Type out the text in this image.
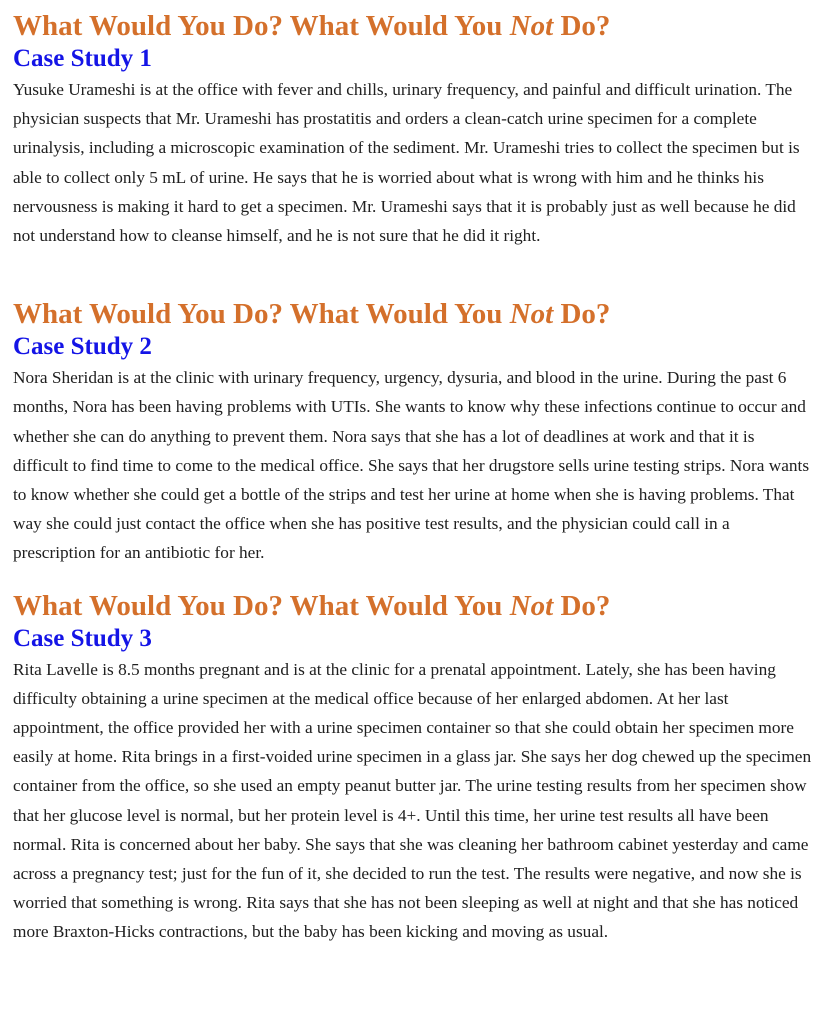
What Would You Do? What Would You Not Do?
Case Study 1

Yusuke Urameshi is at the office with fever and chills, urinary frequency, and painful and difficult urination. The physician suspects that Mr. Urameshi has prostatitis and orders a clean-catch urine specimen for a complete urinalysis, including a microscopic examination of the sediment. Mr. Urameshi tries to collect the specimen but is able to collect only 5 mL of urine. He says that he is worried about what is wrong with him and he thinks his nervousness is making it hard to get a specimen. Mr. Urameshi says that it is probably just as well because he did not understand how to cleanse himself, and he is not sure that he did it right.

What Would You Do? What Would You Not Do?
Case Study 2

Nora Sheridan is at the clinic with urinary frequency, urgency, dysuria, and blood in the urine. During the past 6 months, Nora has been having problems with UTIs. She wants to know why these infections continue to occur and whether she can do anything to prevent them. Nora says that she has a lot of deadlines at work and that it is difficult to find time to come to the medical office. She says that her drugstore sells urine testing strips. Nora wants to know whether she could get a bottle of the strips and test her urine at home when she is having problems. That way she could just contact the office when she has positive test results, and the physician could call in a prescription for an antibiotic for her.

What Would You Do? What Would You Not Do?
Case Study 3

Rita Lavelle is 8.5 months pregnant and is at the clinic for a prenatal appointment. Lately, she has been having difficulty obtaining a urine specimen at the medical office because of her enlarged abdomen. At her last appointment, the office provided her with a urine specimen container so that she could obtain her specimen more easily at home. Rita brings in a first-voided urine specimen in a glass jar. She says her dog chewed up the specimen container from the office, so she used an empty peanut butter jar. The urine testing results from her specimen show that her glucose level is normal, but her protein level is 4+. Until this time, her urine test results all have been normal. Rita is concerned about her baby. She says that she was cleaning her bathroom cabinet yesterday and came across a pregnancy test; just for the fun of it, she decided to run the test. The results were negative, and now she is worried that something is wrong. Rita says that she has not been sleeping as well at night and that she has noticed more Braxton-Hicks contractions, but the baby has been kicking and moving as usual.
